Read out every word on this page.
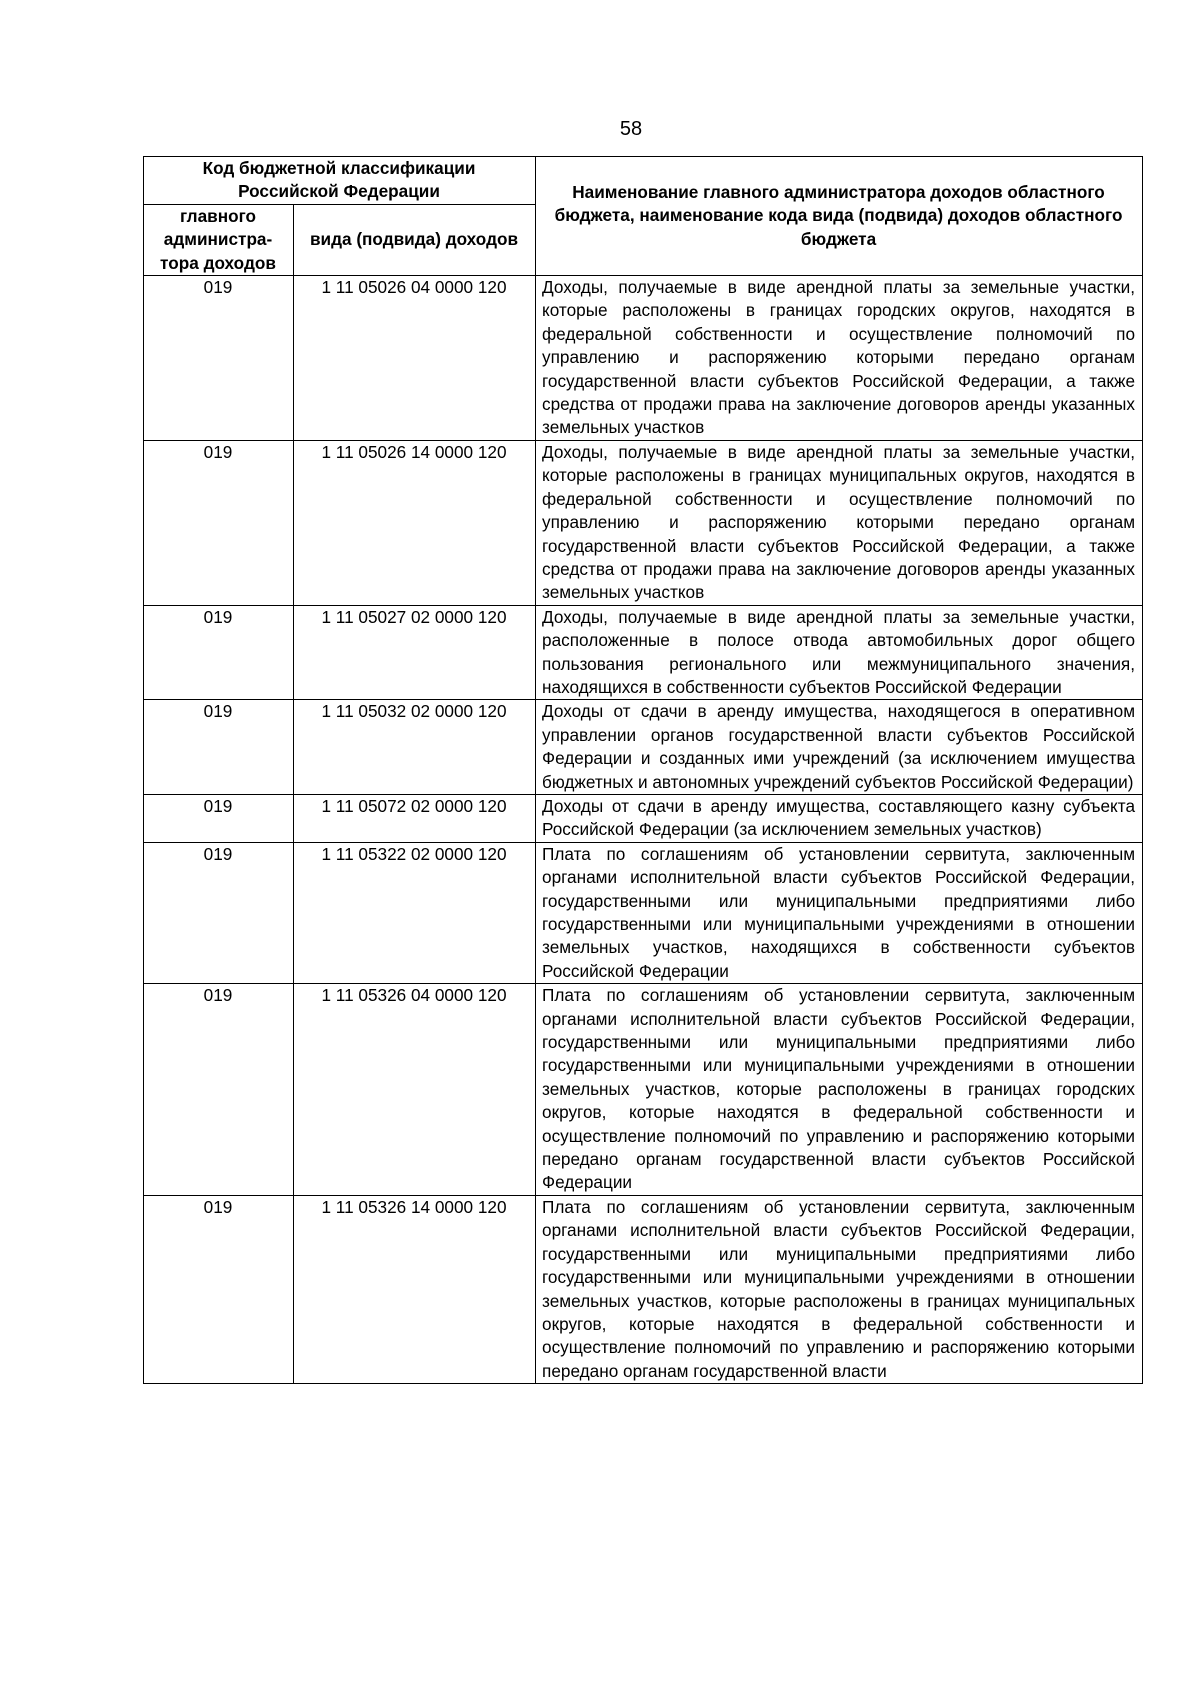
58
Код бюджетной классификации Российской Федерации		Наименование главного администратора доходов областного бюджета, наименование кода вида (подвида) доходов областного бюджета
главного администра-тора доходов	вида (подвида) доходов	
019	1 11 05026 04 0000 120	Доходы, получаемые в виде арендной платы за земельные участки, которые расположены в границах городских округов, находятся в федеральной собственности и осуществление полномочий по управлению и распоряжению которыми передано органам государственной власти субъектов Российской Федерации, а также средства от продажи права на заключение договоров аренды указанных земельных участков
019	1 11 05026 14 0000 120	Доходы, получаемые в виде арендной платы за земельные участки, которые расположены в границах муниципальных округов, находятся в федеральной собственности и осуществление полномочий по управлению и распоряжению которыми передано органам государственной власти субъектов Российской Федерации, а также средства от продажи права на заключение договоров аренды указанных земельных участков
019	1 11 05027 02 0000 120	Доходы, получаемые в виде арендной платы за земельные участки, расположенные в полосе отвода автомобильных дорог общего пользования регионального или межмуниципального значения, находящихся в собственности субъектов Российской Федерации
019	1 11 05032 02 0000 120	Доходы от сдачи в аренду имущества, находящегося в оперативном управлении органов государственной власти субъектов Российской Федерации и созданных ими учреждений (за исключением имущества бюджетных и автономных учреждений субъектов Российской Федерации)
019	1 11 05072 02 0000 120	Доходы от сдачи в аренду имущества, составляющего казну субъекта Российской Федерации (за исключением земельных участков)
019	1 11 05322 02 0000 120	Плата по соглашениям об установлении сервитута, заключенным органами исполнительной власти субъектов Российской Федерации, государственными или муниципальными предприятиями либо государственными или муниципальными учреждениями в отношении земельных участков, находящихся в собственности субъектов Российской Федерации
019	1 11 05326 04 0000 120	Плата по соглашениям об установлении сервитута, заключенным органами исполнительной власти субъектов Российской Федерации, государственными или муниципальными предприятиями либо государственными или муниципальными учреждениями в отношении земельных участков, которые расположены в границах городских округов, которые находятся в федеральной собственности и осуществление полномочий по управлению и распоряжению которыми передано органам государственной власти субъектов Российской Федерации
019	1 11 05326 14 0000 120	Плата по соглашениям об установлении сервитута, заключенным органами исполнительной власти субъектов Российской Федерации, государственными или муниципальными предприятиями либо государственными или муниципальными учреждениями в отношении земельных участков, которые расположены в границах муниципальных округов, которые находятся в федеральной собственности и осуществление полномочий по управлению и распоряжению которыми передано органам государственной власти
